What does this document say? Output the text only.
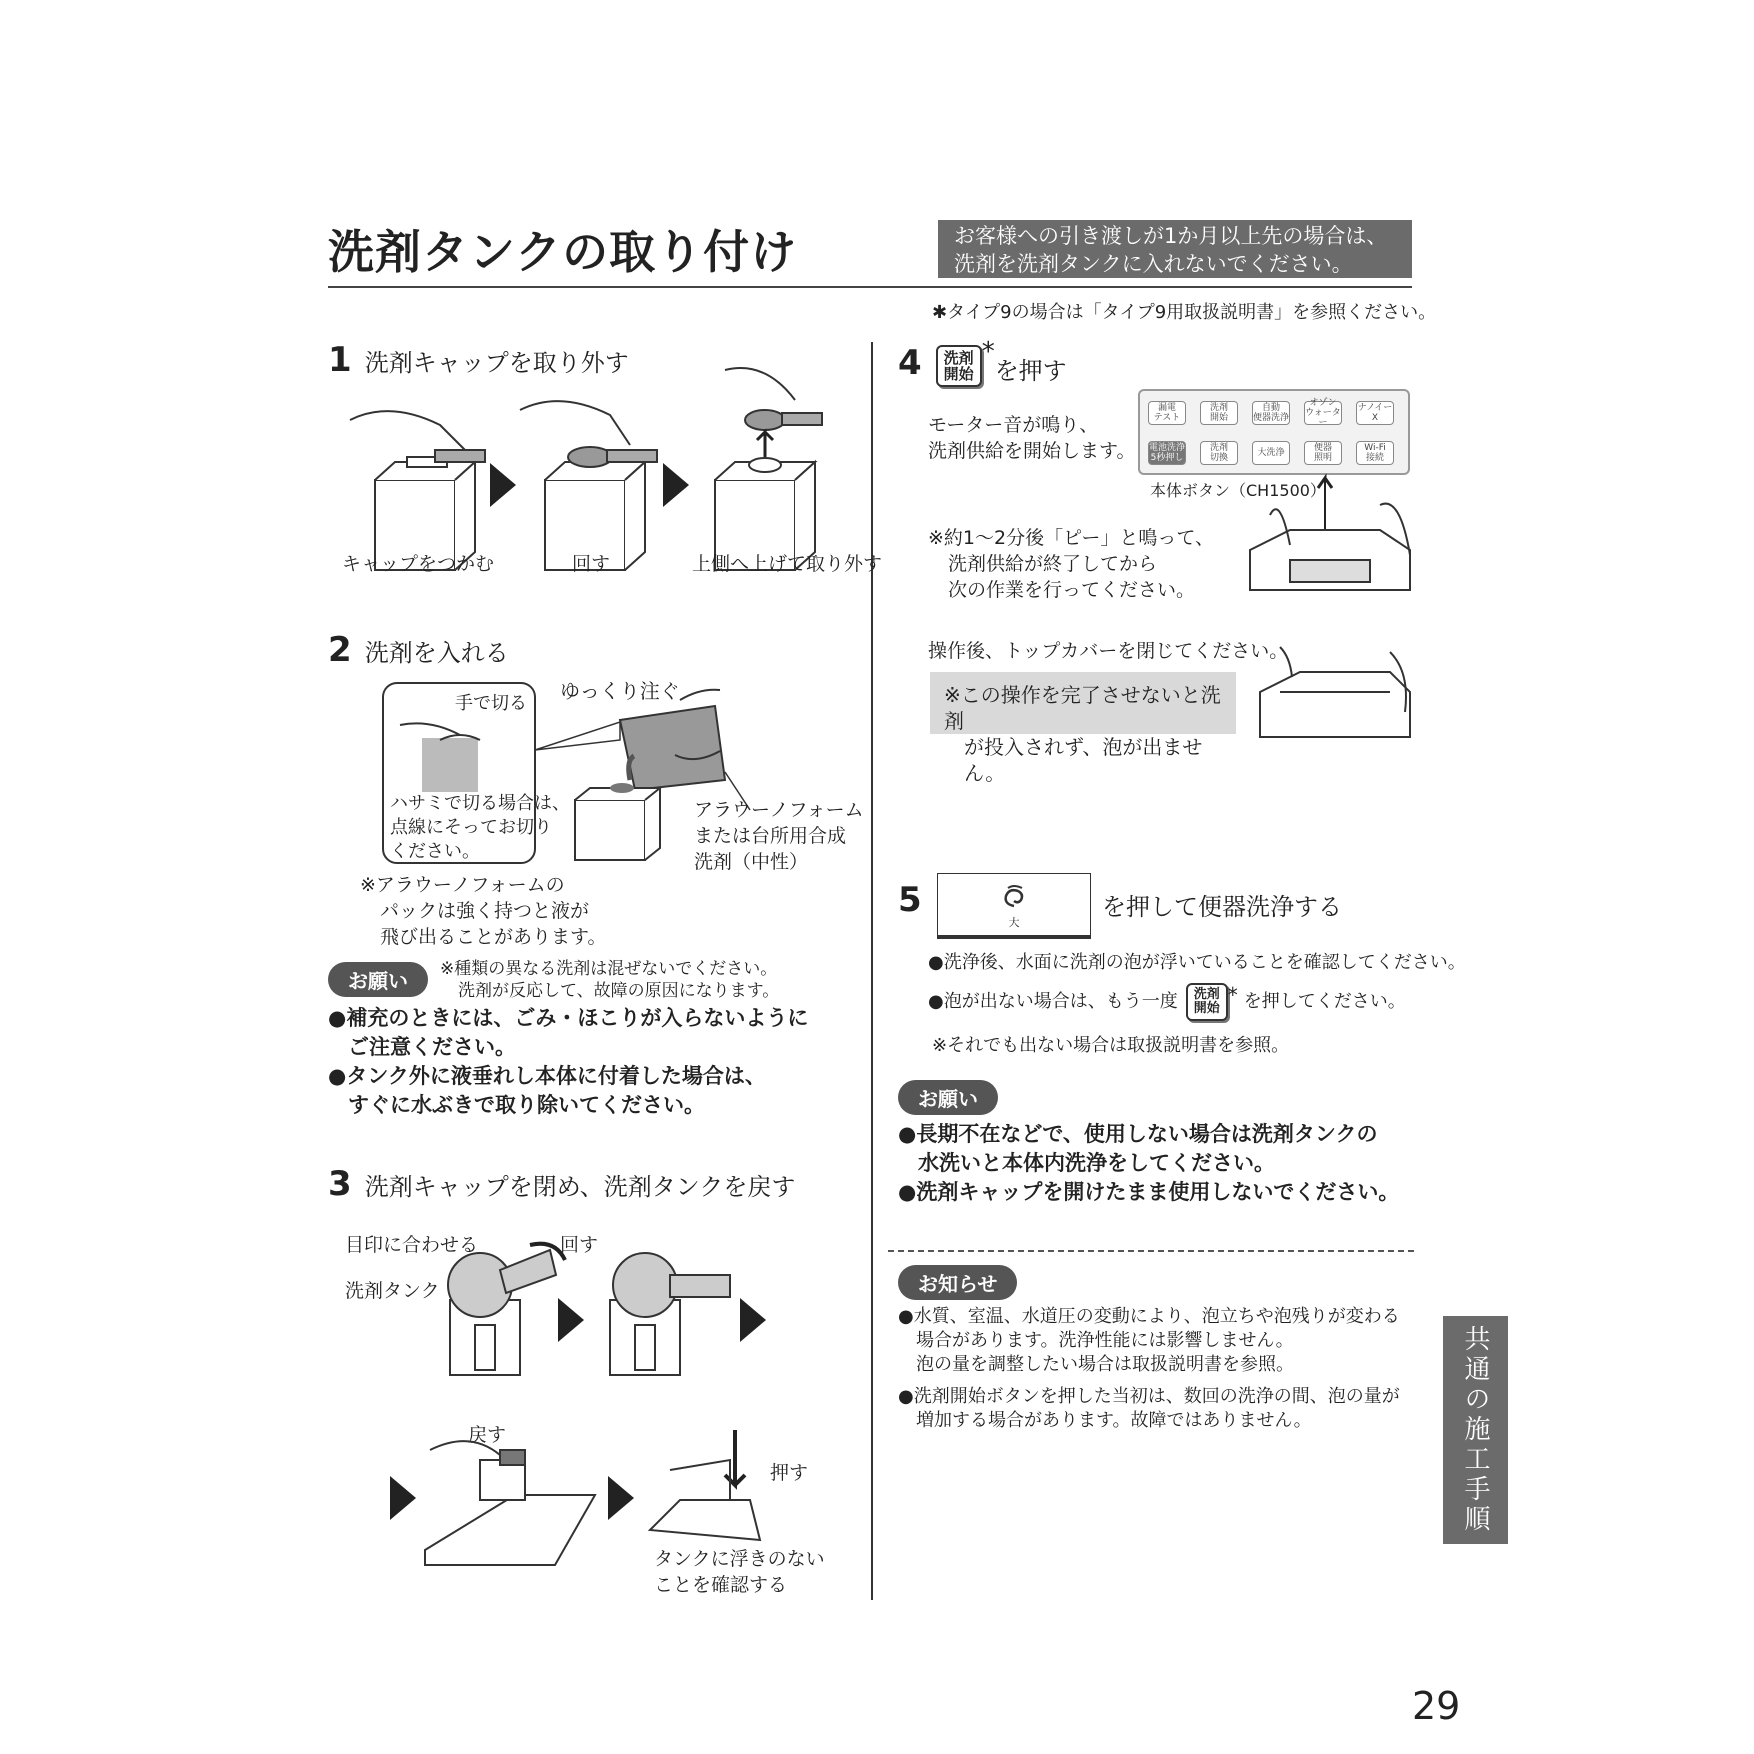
洗剤タンクの取り付け	お客様への引き渡しが1か月以上先の場合は、
洗剤を洗剤タンクに入れないでください。
✱タイプ9の場合は「タイプ9用取扱説明書」を参照ください。
1 洗剤キャップを取り外す
キャップをつかむ	回す	上側へ上げて取り外す
2 洗剤を入れる
手で切る
ゆっくり注ぐ
ハサミで切る場合は、
点線にそってお切り
ください。
アラウーノフォーム
または台所用合成
洗剤（中性）
※アラウーノフォームの
パックは強く持つと液が
飛び出ることがあります。
お願い	※種類の異なる洗剤は混ぜないでください。
洗剤が反応して、故障の原因になります。
●補充のときには、ごみ・ほこりが入らないように
ご注意ください。
●タンク外に液垂れし本体に付着した場合は、
すぐに水ぶきで取り除いてください。
3 洗剤キャップを閉め、洗剤タンクを戻す
目印に合わせる	回す
洗剤タンク
戻す
押す
タンクに浮きのない
ことを確認する
4	洗剤
開始
*
を押す
モーター音が鳴り、
洗剤供給を開始します。
漏電
テスト
洗剤
開始
自動
便器洗浄
オゾン
ウォーター
ナノイーX
電池洗浄
5秒押し
洗剤
切換	大洗浄	便器
照明
Wi-Fi
接続
本体ボタン（CH1500）
※約1～2分後「ピー」と鳴って、
洗剤供給が終了してから
次の作業を行ってください。
操作後、トップカバーを閉じてください。
※この操作を完了させないと洗剤
が投入されず、泡が出ません。
5
大
を押して便器洗浄する
●洗浄後、水面に洗剤の泡が浮いていることを確認してください。
●泡が出ない場合は、もう一度	洗剤
開始
* を押してください。
※それでも出ない場合は取扱説明書を参照。
お願い
●長期不在などで、使用しない場合は洗剤タンクの
水洗いと本体内洗浄をしてください。
●洗剤キャップを開けたまま使用しないでください。
お知らせ
●水質、室温、水道圧の変動により、泡立ちや泡残りが変わる
場合があります。洗浄性能には影響しません。
泡の量を調整したい場合は取扱説明書を参照。
●洗剤開始ボタンを押した当初は、数回の洗浄の間、泡の量が
増加する場合があります。故障ではありません。	共通の施工手順
29
